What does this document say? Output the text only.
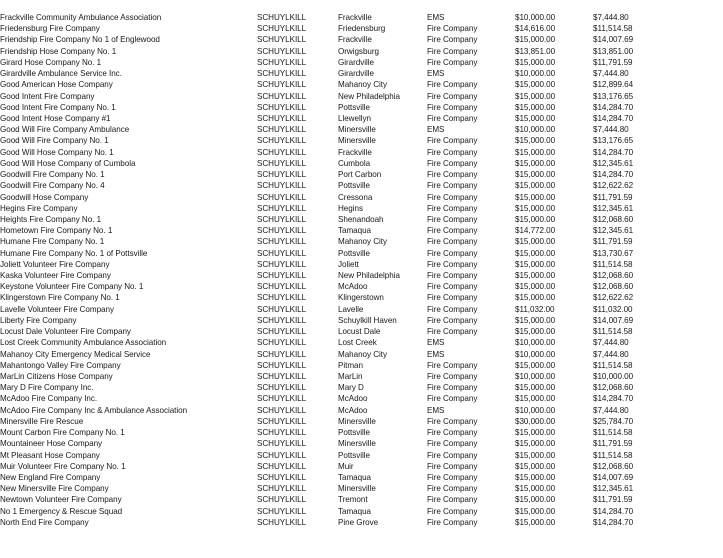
Frackville Community Ambulance Association	SCHUYLKILL	Frackville	EMS	$10,000.00	$7,444.80
Friedensburg Fire Company	SCHUYLKILL	Friedensburg	Fire Company	$14,616.00	$11,514.58
Friendship Fire Company No 1 of Englewood	SCHUYLKILL	Frackville	Fire Company	$15,000.00	$14,007.69
Friendship Hose Company No. 1	SCHUYLKILL	Orwigsburg	Fire Company	$13,851.00	$13,851.00
Girard Hose Company No. 1	SCHUYLKILL	Girardville	Fire Company	$15,000.00	$11,791.59
Girardville Ambulance Service Inc.	SCHUYLKILL	Girardville	EMS	$10,000.00	$7,444.80
Good American Hose Company	SCHUYLKILL	Mahanoy City	Fire Company	$15,000.00	$12,899.64
Good Intent Fire Company	SCHUYLKILL	New Philadelphia	Fire Company	$15,000.00	$13,176.65
Good Intent Fire Company No. 1	SCHUYLKILL	Pottsville	Fire Company	$15,000.00	$14,284.70
Good Intent Hose Company #1	SCHUYLKILL	Llewellyn	Fire Company	$15,000.00	$14,284.70
Good Will Fire Company Ambulance	SCHUYLKILL	Minersville	EMS	$10,000.00	$7,444.80
Good Will Fire Company No. 1	SCHUYLKILL	Minersville	Fire Company	$15,000.00	$13,176.65
Good Will Hose Company No. 1	SCHUYLKILL	Frackville	Fire Company	$15,000.00	$14,284.70
Good Will Hose Company of Cumbola	SCHUYLKILL	Cumbola	Fire Company	$15,000.00	$12,345.61
Goodwill Fire Company No. 1	SCHUYLKILL	Port Carbon	Fire Company	$15,000.00	$14,284.70
Goodwill Fire Company No. 4	SCHUYLKILL	Pottsville	Fire Company	$15,000.00	$12,622.62
Goodwill Hose Company	SCHUYLKILL	Cressona	Fire Company	$15,000.00	$11,791.59
Hegins Fire Company	SCHUYLKILL	Hegins	Fire Company	$15,000.00	$12,345.61
Heights Fire Company No. 1	SCHUYLKILL	Shenandoah	Fire Company	$15,000.00	$12,068.60
Hometown Fire Company No. 1	SCHUYLKILL	Tamaqua	Fire Company	$14,772.00	$12,345.61
Humane Fire Company No. 1	SCHUYLKILL	Mahanoy City	Fire Company	$15,000.00	$11,791.59
Humane Fire Company No. 1 of Pottsville	SCHUYLKILL	Pottsville	Fire Company	$15,000.00	$13,730.67
Joliett Volunteer Fire Company	SCHUYLKILL	Joliett	Fire Company	$15,000.00	$11,514.58
Kaska Volunteer Fire Company	SCHUYLKILL	New Philadelphia	Fire Company	$15,000.00	$12,068.60
Keystone Volunteer Fire Company No. 1	SCHUYLKILL	McAdoo	Fire Company	$15,000.00	$12,068.60
Klingerstown Fire Company No. 1	SCHUYLKILL	Klingerstown	Fire Company	$15,000.00	$12,622.62
Lavelle Volunteer Fire Company	SCHUYLKILL	Lavelle	Fire Company	$11,032.00	$11,032.00
Liberty Fire Company	SCHUYLKILL	Schuylkill Haven	Fire Company	$15,000.00	$14,007.69
Locust Dale Volunteer Fire Company	SCHUYLKILL	Locust Dale	Fire Company	$15,000.00	$11,514.58
Lost Creek Community Ambulance Association	SCHUYLKILL	Lost Creek	EMS	$10,000.00	$7,444.80
Mahanoy City Emergency Medical Service	SCHUYLKILL	Mahanoy City	EMS	$10,000.00	$7,444.80
Mahantongo Valley Fire Company	SCHUYLKILL	Pitman	Fire Company	$15,000.00	$11,514.58
MarLin Citizens Hose Company	SCHUYLKILL	MarLin	Fire Company	$10,000.00	$10,000.00
Mary D Fire Company Inc.	SCHUYLKILL	Mary D	Fire Company	$15,000.00	$12,068.60
McAdoo Fire Company Inc.	SCHUYLKILL	McAdoo	Fire Company	$15,000.00	$14,284.70
McAdoo Fire Company Inc & Ambulance Association	SCHUYLKILL	McAdoo	EMS	$10,000.00	$7,444.80
Minersville Fire Rescue	SCHUYLKILL	Minersville	Fire Company	$30,000.00	$25,784.70
Mount Carbon Fire Company No. 1	SCHUYLKILL	Pottsville	Fire Company	$15,000.00	$11,514.58
Mountaineer Hose Company	SCHUYLKILL	Minersville	Fire Company	$15,000.00	$11,791.59
Mt Pleasant Hose Company	SCHUYLKILL	Pottsville	Fire Company	$15,000.00	$11,514.58
Muir Volunteer Fire Company No. 1	SCHUYLKILL	Muir	Fire Company	$15,000.00	$12,068.60
New England Fire Company	SCHUYLKILL	Tamaqua	Fire Company	$15,000.00	$14,007.69
New Minersville Fire Company	SCHUYLKILL	Minersville	Fire Company	$15,000.00	$12,345.61
Newtown Volunteer Fire Company	SCHUYLKILL	Tremont	Fire Company	$15,000.00	$11,791.59
No 1 Emergency & Rescue Squad	SCHUYLKILL	Tamaqua	Fire Company	$15,000.00	$14,284.70
North End Fire Company	SCHUYLKILL	Pine Grove	Fire Company	$15,000.00	$14,284.70
